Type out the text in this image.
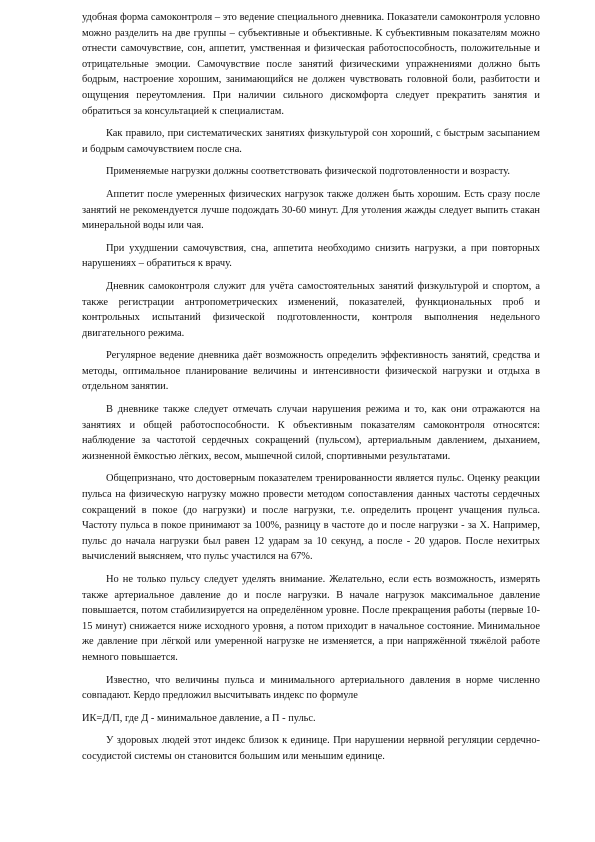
удобная форма самоконтроля – это ведение специального дневника. Показатели самоконтроля условно можно разделить на две группы – субъективные и объективные. К субъективным показателям можно отнести самочувствие, сон, аппетит, умственная и физическая работоспособность, положительные и отрицательные эмоции. Самочувствие после занятий физическими упражнениями должно быть бодрым, настроение хорошим, занимающийся не должен чувствовать головной боли, разбитости и ощущения переутомления. При наличии сильного дискомфорта следует прекратить занятия и обратиться за консультацией к специалистам.

Как правило, при систематических занятиях физкультурой сон хороший, с быстрым засыпанием и бодрым самочувствием после сна.

Применяемые нагрузки должны соответствовать физической подготовленности и возрасту.

Аппетит после умеренных физических нагрузок также должен быть хорошим. Есть сразу после занятий не рекомендуется лучше подождать 30-60 минут. Для утоления жажды следует выпить стакан минеральной воды или чая.

При ухудшении самочувствия, сна, аппетита необходимо снизить нагрузки, а при повторных нарушениях – обратиться к врачу.

Дневник самоконтроля служит для учёта самостоятельных занятий физкультурой и спортом, а также регистрации антропометрических изменений, показателей, функциональных проб и контрольных испытаний физической подготовленности, контроля выполнения недельного двигательного режима.

Регулярное ведение дневника даёт возможность определить эффективность занятий, средства и методы, оптимальное планирование величины и интенсивности физической нагрузки и отдыха в отдельном занятии.

В дневнике также следует отмечать случаи нарушения режима и то, как они отражаются на занятиях и общей работоспособности. К объективным показателям самоконтроля относятся: наблюдение за частотой сердечных сокращений (пульсом), артериальным давлением, дыханием, жизненной ёмкостью лёгких, весом, мышечной силой, спортивными результатами.

Общепризнано, что достоверным показателем тренированности является пульс. Оценку реакции пульса на физическую нагрузку можно провести методом сопоставления данных частоты сердечных сокращений в покое (до нагрузки) и после нагрузки, т.е. определить процент учащения пульса. Частоту пульса в покое принимают за 100%, разницу в частоте до и после нагрузки - за X. Например, пульс до начала нагрузки был равен 12 ударам за 10 секунд, а после - 20 ударов. После нехитрых вычислений выясняем, что пульс участился на 67%.

Но не только пульсу следует уделять внимание. Желательно, если есть возможность, измерять также артериальное давление до и после нагрузки. В начале нагрузок максимальное давление повышается, потом стабилизируется на определённом уровне. После прекращения работы (первые 10-15 минут) снижается ниже исходного уровня, а потом приходит в начальное состояние. Минимальное же давление при лёгкой или умеренной нагрузке не изменяется, а при напряжённой тяжёлой работе немного повышается.

Известно, что величины пульса и минимального артериального давления в норме численно совпадают. Кердо предложил высчитывать индекс по формуле

ИК=Д/П, где Д - минимальное давление, а П - пульс.

У здоровых людей этот индекс близок к единице. При нарушении нервной регуляции сердечно-сосудистой системы он становится большим или меньшим единице.
